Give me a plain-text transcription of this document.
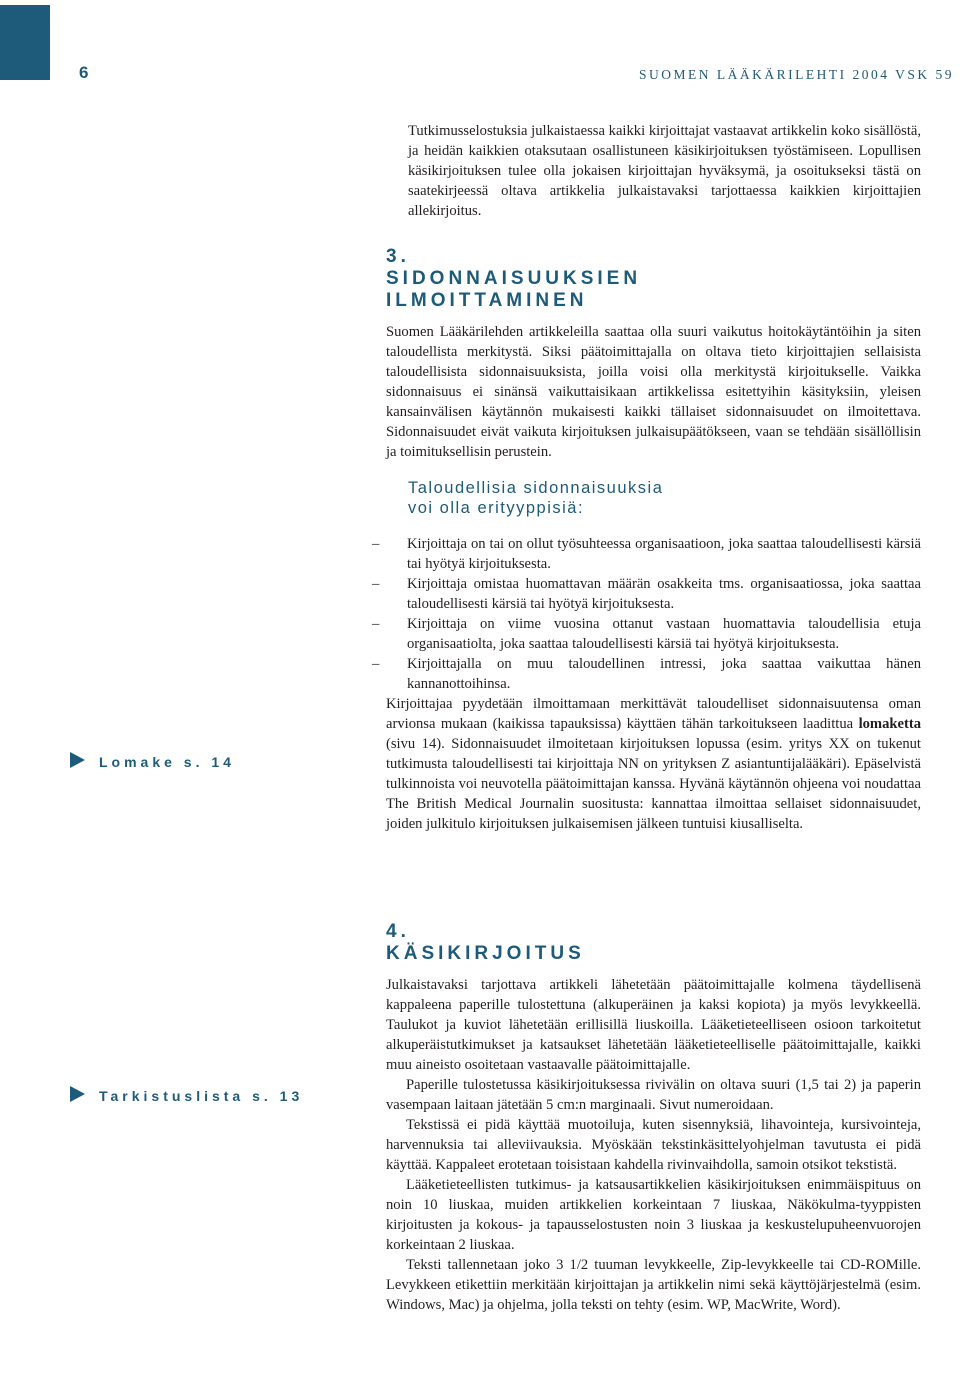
6	SUOMEN LÄÄKÄRILEHTI 2004 VSK 59

Tutkimusselostuksia julkaistaessa kaikki kirjoittajat vastaavat artikkelin koko sisällöstä, ja heidän kaikkien otaksutaan osallistuneen käsikirjoituksen työstämiseen. Lopullisen käsikirjoituksen tulee olla jokaisen kirjoittajan hyväksymä, ja osoitukseksi tästä on saatekirjeessä oltava artikkelia julkaistavaksi tarjottaessa kaikkien kirjoittajien allekirjoitus.

3.
SIDONNAISUUKSIEN
ILMOITTAMINEN

Suomen Lääkärilehden artikkeleilla saattaa olla suuri vaikutus hoitokäytäntöihin ja siten taloudellista merkitystä. Siksi päätoimittajalla on oltava tieto kirjoittajien sellaisista taloudellisista sidonnaisuuksista, joilla voisi olla merkitystä kirjoitukselle. Vaikka sidonnaisuus ei sinänsä vaikuttaisikaan artikkelissa esitettyihin käsityksiin, yleisen kansainvälisen käytännön mukaisesti kaikki tällaiset sidonnaisuudet on ilmoitettava. Sidonnaisuudet eivät vaikuta kirjoituksen julkaisupäätökseen, vaan se tehdään sisällöllisin ja toimituksellisin perustein.

Taloudellisia sidonnaisuuksia
voi olla erityyppisiä:
– Kirjoittaja on tai on ollut työsuhteessa organisaatioon, joka saattaa taloudellisesti kärsiä tai hyötyä kirjoituksesta.
– Kirjoittaja omistaa huomattavan määrän osakkeita tms. organisaatiossa, joka saattaa taloudellisesti kärsiä tai hyötyä kirjoituksesta.
– Kirjoittaja on viime vuosina ottanut vastaan huomattavia taloudellisia etuja organisaatiolta, joka saattaa taloudellisesti kärsiä tai hyötyä kirjoituksesta.
– Kirjoittajalla on muu taloudellinen intressi, joka saattaa vaikuttaa hänen kannanottoihinsa.

Kirjoittajaa pyydetään ilmoittamaan merkittävät taloudelliset sidonnaisuutensa oman arvionsa mukaan (kaikissa tapauksissa) käyttäen tähän tarkoitukseen laadittua lomaketta (sivu 14). Sidonnaisuudet ilmoitetaan kirjoituksen lopussa (esim. yritys XX on tukenut tutkimusta taloudellisesti tai kirjoittaja NN on yrityksen Z asiantuntijalääkäri). Epäselvistä tulkinnoista voi neuvotella päätoimittajan kanssa. Hyvänä käytännön ohjeena voi noudattaa The British Medical Journalin suositusta: kannattaa ilmoittaa sellaiset sidonnaisuudet, joiden julkitulo kirjoituksen julkaisemisen jälkeen tuntuisi kiusalliselta.

4.
KÄSIKIRJOITUS

Julkaistavaksi tarjottava artikkeli lähetetään päätoimittajalle kolmena täydellisenä kappaleena paperille tulostettuna (alkuperäinen ja kaksi kopiota) ja myös levykkeellä. Taulukot ja kuviot lähetetään erillisillä liuskoilla. Lääketieteelliseen osioon tarkoitetut alkuperäistutkimukset ja katsaukset lähetetään lääketieteelliselle päätoimittajalle, kaikki muu aineisto osoitetaan vastaavalle päätoimittajalle.

Paperille tulostetussa käsikirjoituksessa rivivälin on oltava suuri (1,5 tai 2) ja paperin vasempaan laitaan jätetään 5 cm:n marginaali. Sivut numeroidaan.

Tekstissä ei pidä käyttää muotoiluja, kuten sisennyksiä, lihavointeja, kursivointeja, harvennuksia tai alleviivauksia. Myöskään tekstinkäsittelyohjelman tavutusta ei pidä käyttää. Kappaleet erotetaan toisistaan kahdella rivinvaihdolla, samoin otsikot tekstistä.

Lääketieteellisten tutkimus- ja katsausartikkelien käsikirjoituksen enimmäispituus on noin 10 liuskaa, muiden artikkelien korkeintaan 7 liuskaa, Näkökulma-tyyppisten kirjoitusten ja kokous- ja tapausselostusten noin 3 liuskaa ja keskustelupuheenvuorojen korkeintaan 2 liuskaa.

Teksti tallennetaan joko 3 1/2 tuuman levykkeelle, Zip-levykkeelle tai CD-ROMille. Levykkeen etikettiin merkitään kirjoittajan ja artikkelin nimi sekä käyttöjärjestelmä (esim. Windows, Mac) ja ohjelma, jolla teksti on tehty (esim. WP, MacWrite, Word).

Lomake s. 14
Tarkistuslista s. 13
